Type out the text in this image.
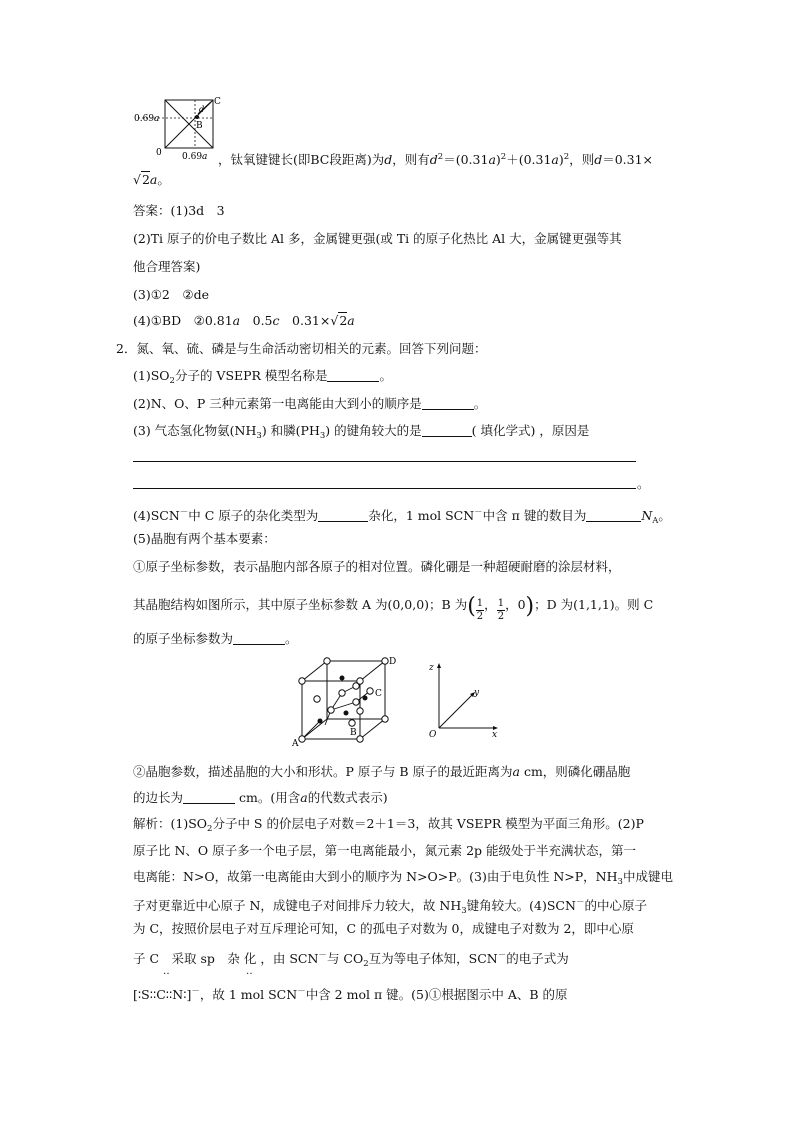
C
B
d
0.69a
0 0.69a ，钛氧键键长(即BC段距离)为d，则有$d^2=(0.31a)^2+(0.31a)^2$，则d＝0.31×
√2a。
答案：(1)3d　3
(2)Ti 原子的价电子数比 Al 多，金属键更强(或 Ti 的原子化热比 Al 大，金属键更强等其
他合理答案)
(3)①2　②de
(4)①BD　②0.81a　0.5c　0.31×√2a
2．氮、氧、硫、磷是与生命活动密切相关的元素。回答下列问题：
$(1)SO_2$分子的 VSEPR 模型名称是	。
(2)N、O、P 三种元素第一电离能由大到小的顺序是	。
(3) 气态氢化物氨$(NH_3)$ 和膦$(PH_3)$ 的键角较大的是	( 填化学式) ，原因是
。
(4)SCN－中 C 原子的杂化类型为	杂化，1 mol SCN－中含 π 键的数目为	$N_A$。
(5)晶胞有两个基本要素：
①原子坐标参数，表示晶胞内部各原子的相对位置。磷化硼是一种超硬耐磨的涂层材料，
其晶胞结构如图所示，其中原子坐标参数 A 为(0,0,0)；B 为( $\frac{1}{2}$ ， $\frac{1}{2}$ ，0)；D 为(1,1,1)。则 C
的原子坐标参数为	。
A
B
C
D
z
y
x
O
②晶胞参数，描述晶胞的大小和形状。P 原子与 B 原子的最近距离为a cm，则磷化硼晶胞
的边长为	cm。(用含a的代数式表示)
解析：$(1)SO_2$分子中 S 的价层电子对数＝2＋1＝3，故其 VSEPR 模型为平面三角形。(2)P
原子比 N、O 原子多一个电子层，第一电离能最小，氮元素 2p 能级处于半充满状态，第一
电离能：N>O，故第一电离能由大到小的顺序为 N>O>P。(3)由于电负性 N>P，$NH_3$中成键电
子对更靠近中心原子 N，成键电子对间排斥力较大，故 $NH_3$键角较大。(4)SCN－的中心原子
为 C，按照价层电子对互斥理论可知，C 的孤电子对数为 0，成键电子对数为 2，即中心原
子 C　采取 sp　杂 化 ，由 SCN－与 $CO_2$互为等电子体知，SCN－的电子式为
‥	‥
[∶S∶∶C∶∶N∶]－，故 1 mol SCN－中含 2 mol π 键。(5)①根据图示中 A、B 的原
